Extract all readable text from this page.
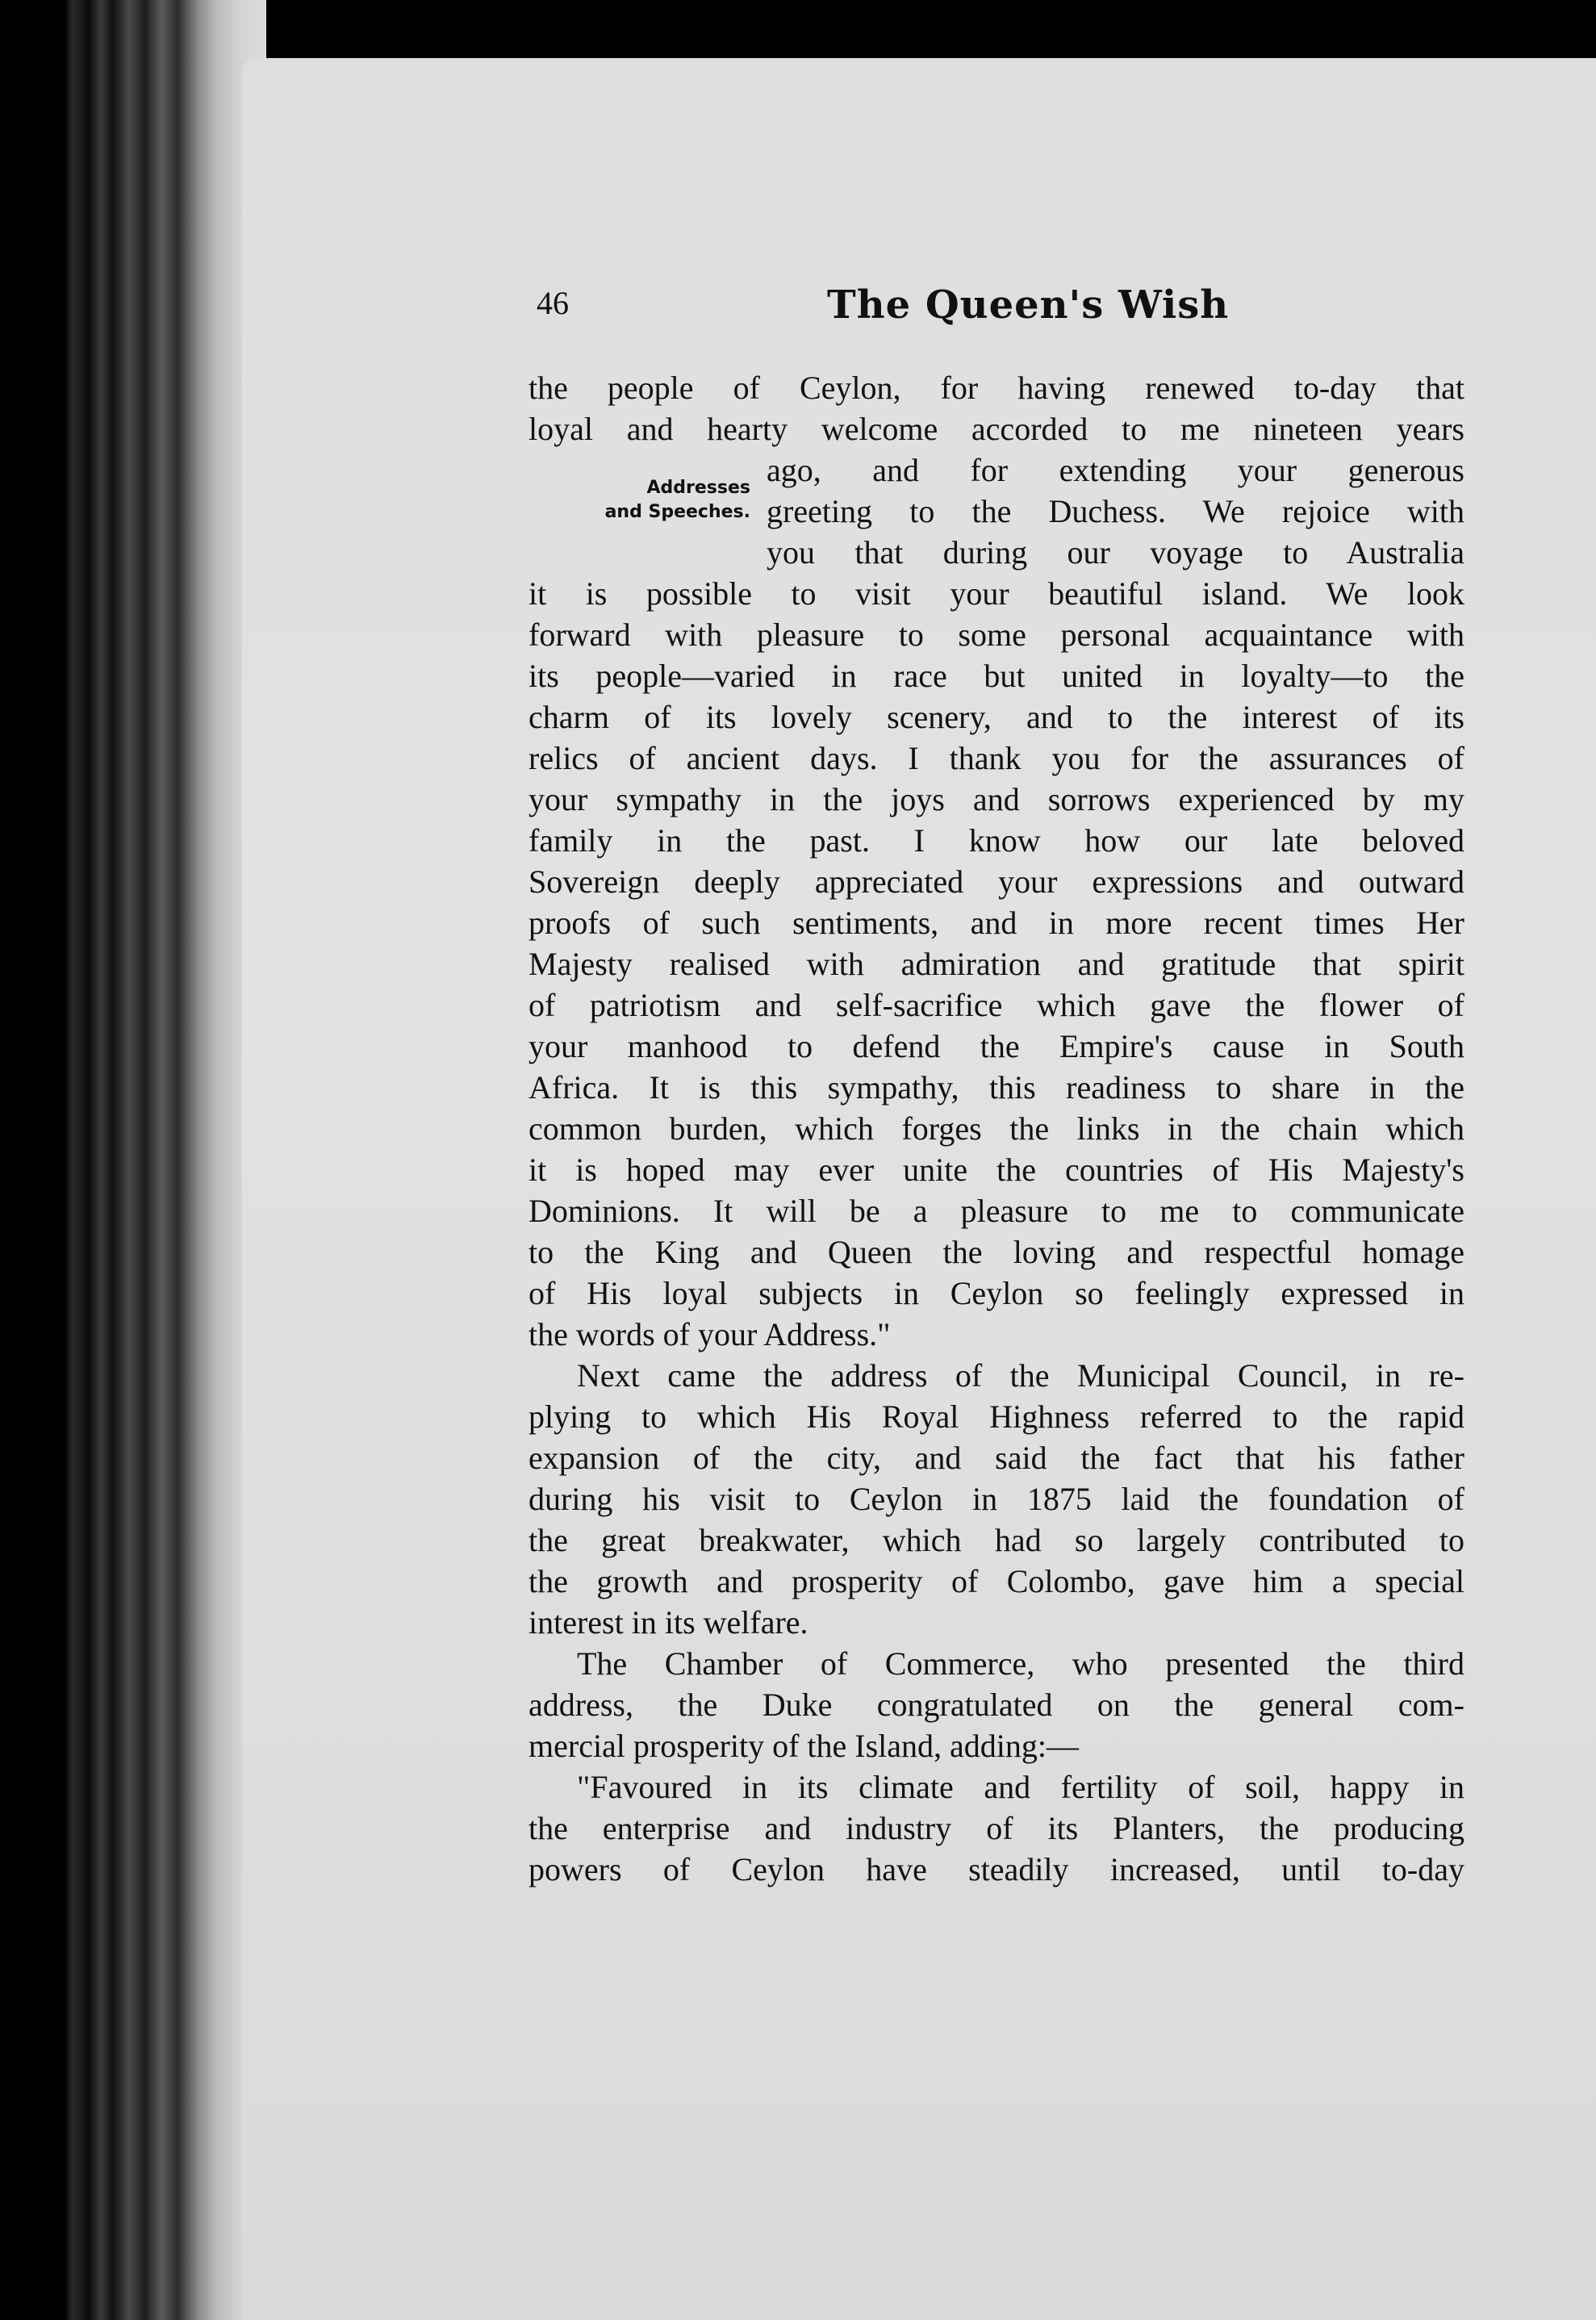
46	The Queen's Wish
Addresses
and Speeches.
the people of Ceylon, for having renewed to-day that
loyal and hearty welcome accorded to me nineteen years
ago, and for extending your generous
greeting to the Duchess. We rejoice with
you that during our voyage to Australia
it is possible to visit your beautiful island. We look
forward with pleasure to some personal acquaintance with
its people—varied in race but united in loyalty—to the
charm of its lovely scenery, and to the interest of its
relics of ancient days. I thank you for the assurances of
your sympathy in the joys and sorrows experienced by my
family in the past. I know how our late beloved
Sovereign deeply appreciated your expressions and outward
proofs of such sentiments, and in more recent times Her
Majesty realised with admiration and gratitude that spirit
of patriotism and self-sacrifice which gave the flower of
your manhood to defend the Empire's cause in South
Africa. It is this sympathy, this readiness to share in the
common burden, which forges the links in the chain which
it is hoped may ever unite the countries of His Majesty's
Dominions. It will be a pleasure to me to communicate
to the King and Queen the loving and respectful homage
of His loyal subjects in Ceylon so feelingly expressed in
the words of your Address."
Next came the address of the Municipal Council, in re-
plying to which His Royal Highness referred to the rapid
expansion of the city, and said the fact that his father
during his visit to Ceylon in 1875 laid the foundation of
the great breakwater, which had so largely contributed to
the growth and prosperity of Colombo, gave him a special
interest in its welfare.
The Chamber of Commerce, who presented the third
address, the Duke congratulated on the general com-
mercial prosperity of the Island, adding:—
"Favoured in its climate and fertility of soil, happy in
the enterprise and industry of its Planters, the producing
powers of Ceylon have steadily increased, until to-day
